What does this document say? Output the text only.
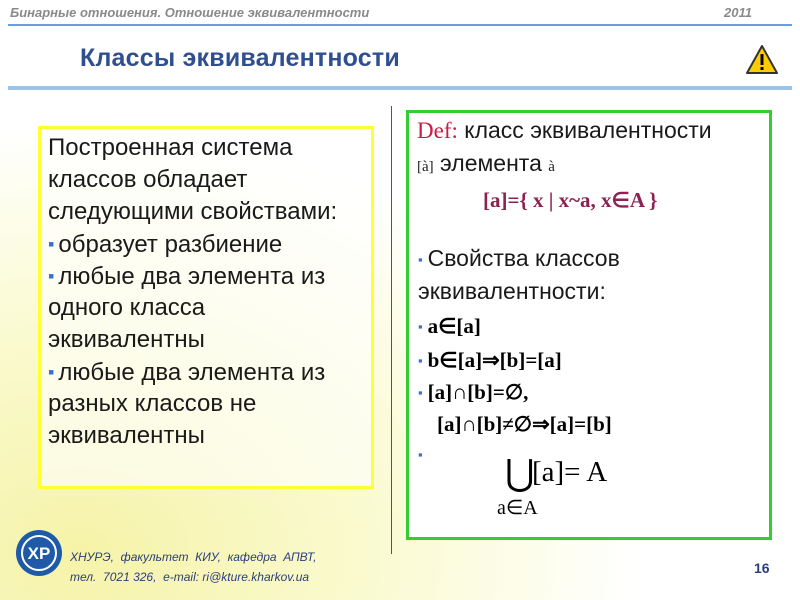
Бинарные отношения. Отношение эквивалентности	2011
Классы эквивалентности
Построенная система
классов обладает
следующими свойствами:
▪ образует разбиение
▪ любые два элемента из
одного класса
эквивалентны
▪ любые два элемента из
разных классов не
эквивалентны
Def: класс эквивалентности
[à] элемента à
[a]={ x | x~a, x∈A }
▪ Свойства классов
эквивалентности:
▪ a∈[a]
▪ b∈[a]⇒[b]=[a]
▪ [a]∩[b]=∅,
[a]∩[b]≠∅⇒[a]=[b]
▪ ⋃
[a]= A
a∈A
ХР ХНУРЭ,  факультет  КИУ,  кафедра  АПВТ,
тел.  7021 326,  e-mail: ri@kture.kharkov.ua
16
